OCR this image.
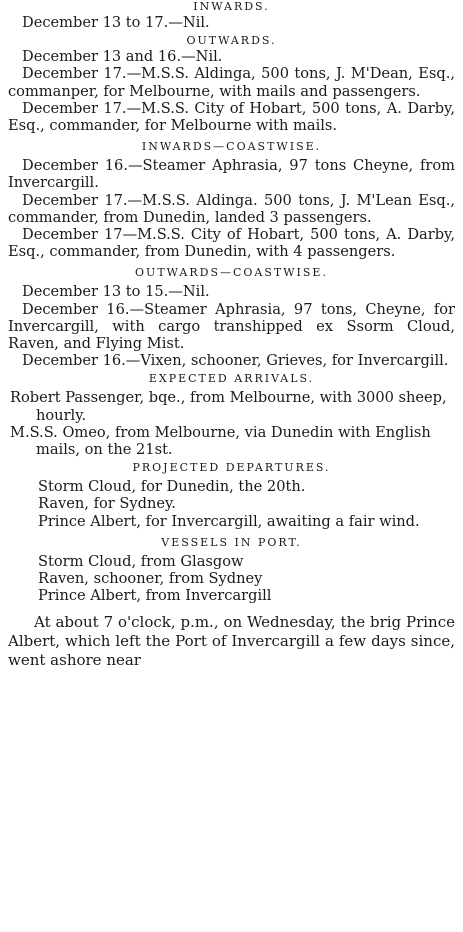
INWARDS.

December 13 to 17.—Nil.

OUTWARDS.

December 13 and 16.—Nil.

December 17.—M.S.S. Aldinga, 500 tons, J. M'Dean, Esq., commanper, for Melbourne, with mails and passengers.

December 17.—M.S.S. City of Hobart, 500 tons, A. Darby, Esq., commander, for Melbourne with mails.

INWARDS—COASTWISE.

December 16.—Steamer Aphrasia, 97 tons Cheyne, from Invercargill.

December 17.—M.S.S. Aldinga. 500 tons, J. M'Lean Esq., commander, from Dunedin, landed 3 passengers.

December 17—M.S.S. City of Hobart, 500 tons, A. Darby, Esq., commander, from Dunedin, with 4 passengers.

OUTWARDS—COASTWISE.

December 13 to 15.—Nil.

December 16.—Steamer Aphrasia, 97 tons, Cheyne, for Invercargill, with cargo transhipped ex Ssorm Cloud, Raven, and Flying Mist.

December 16.—Vixen, schooner, Grieves, for Invercargill.

EXPECTED ARRIVALS.

Robert Passenger, bqe., from Melbourne, with 3000 sheep, hourly.

M.S.S. Omeo, from Melbourne, via Dunedin with English mails, on the 21st.

PROJECTED DEPARTURES.

Storm Cloud, for Dunedin, the 20th.

Raven, for Sydney.

Prince Albert, for Invercargill, awaiting a fair wind.

VESSELS IN PORT.

Storm Cloud, from Glasgow

Raven, schooner, from Sydney

Prince Albert, from Invercargill

At about 7 o'clock, p.m., on Wednesday, the brig Prince Albert, which left the Port of Invercargill a few days since, went ashore near
